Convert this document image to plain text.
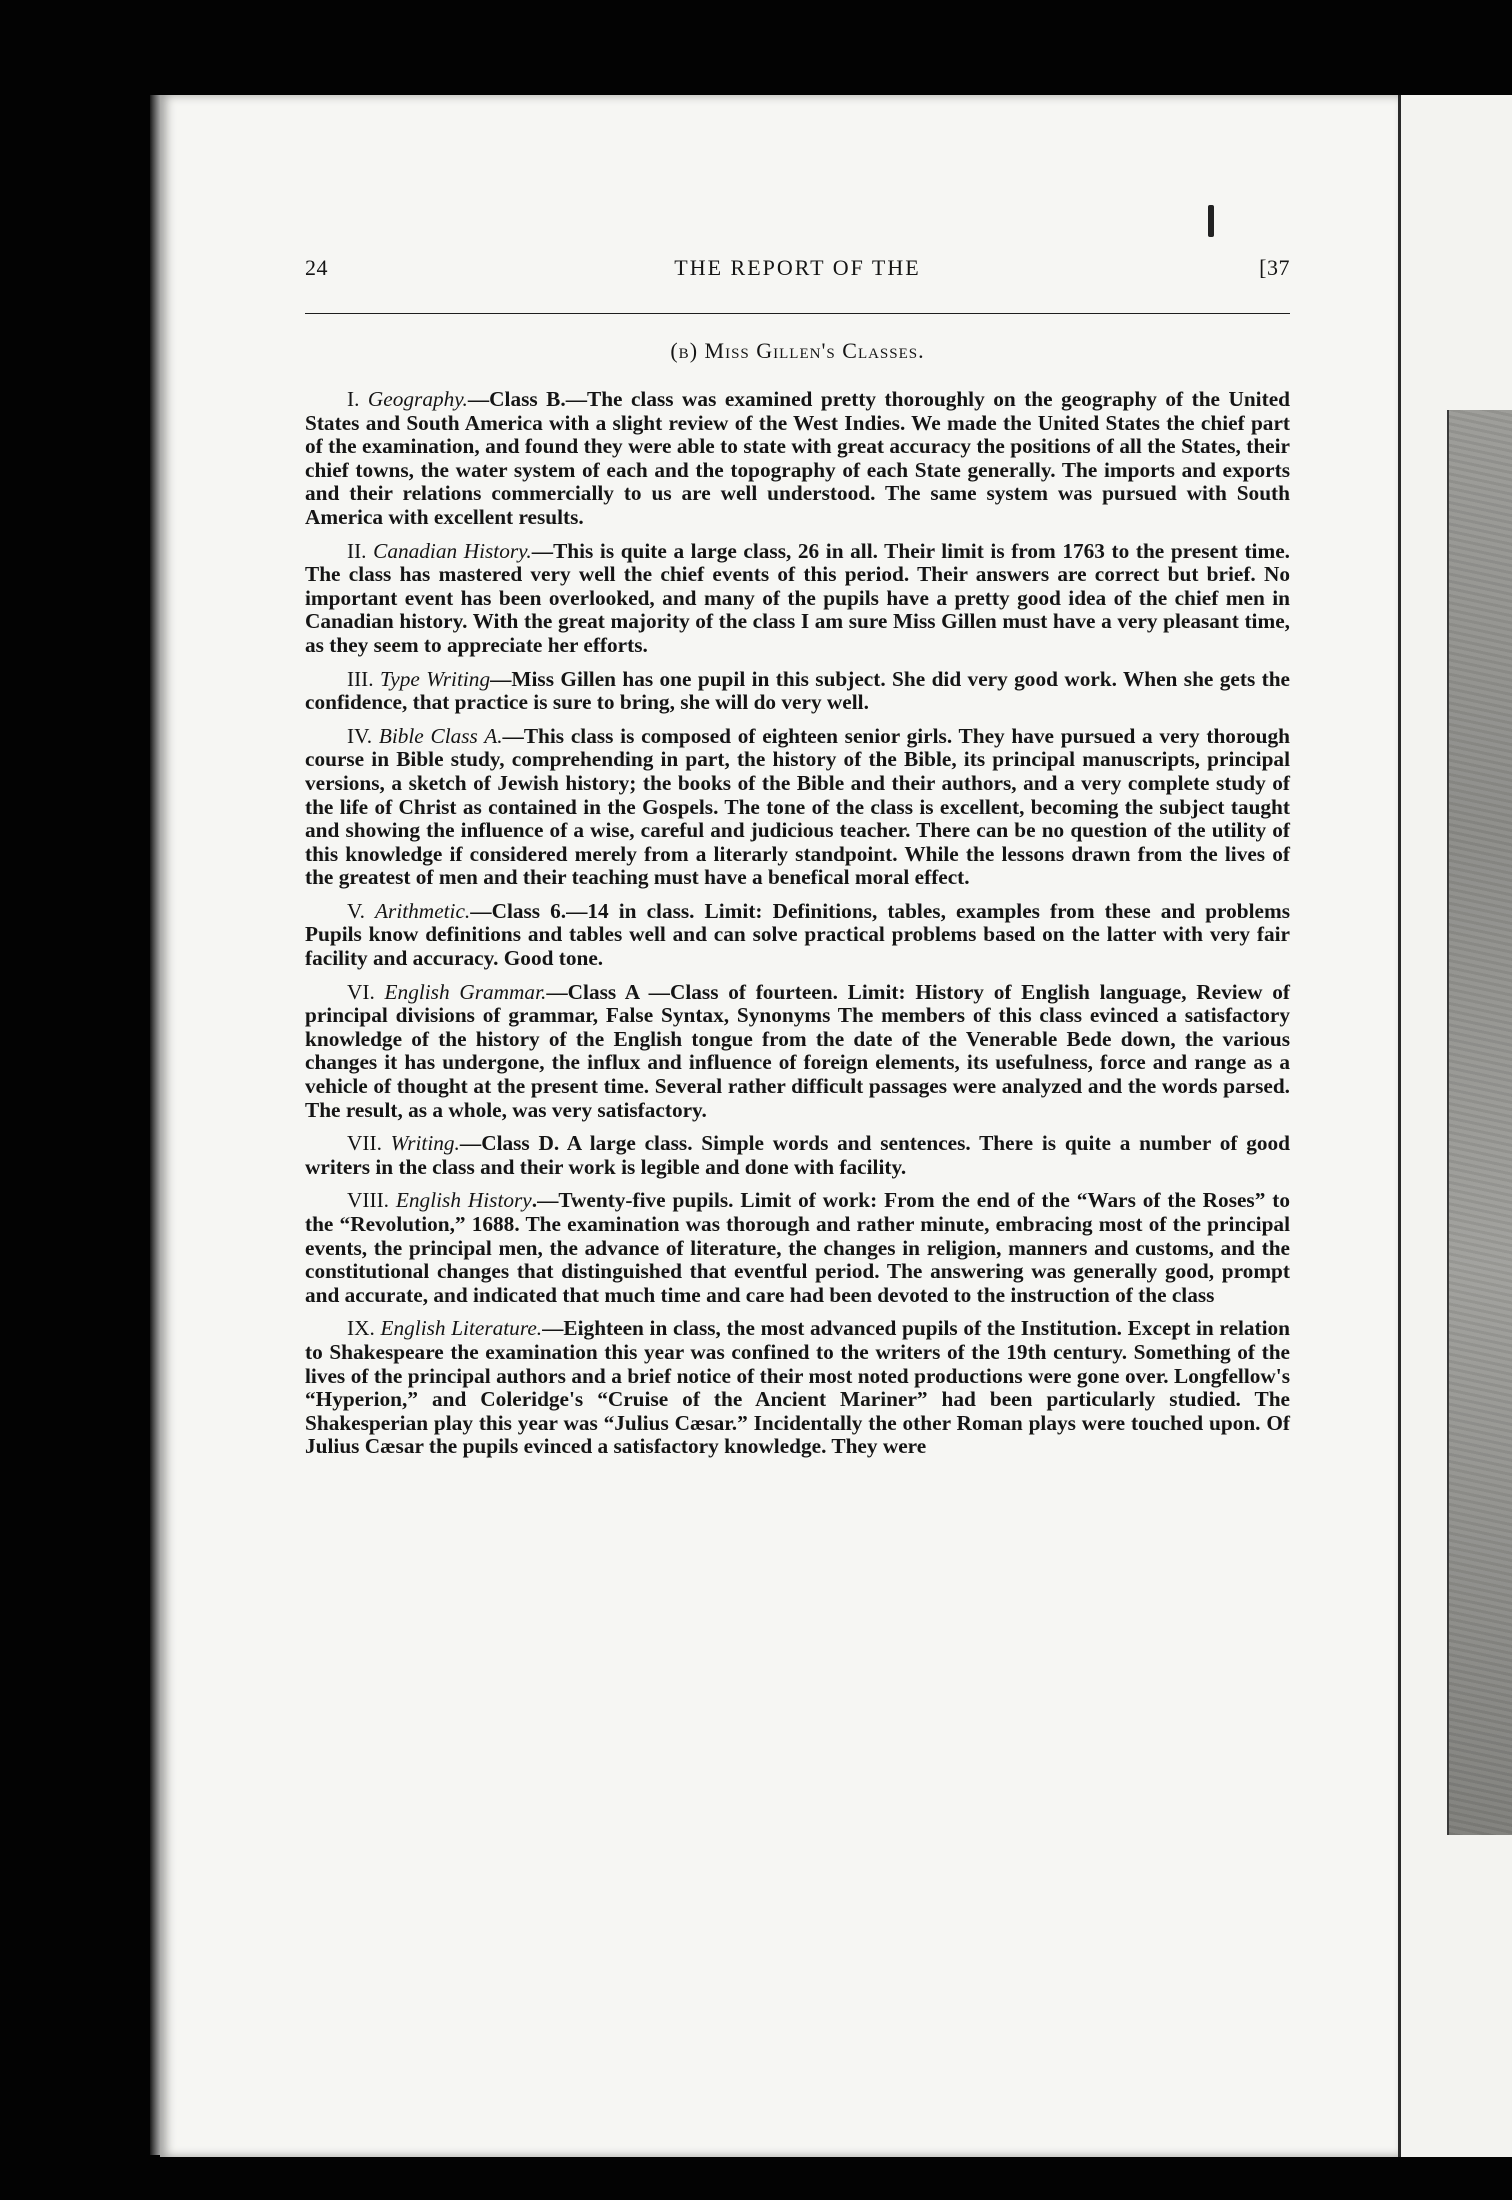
24	THE REPORT OF THE	[37
(b) Miss Gillen's Classes.

I. Geography.—Class B.—The class was examined pretty thoroughly on the geography of the United States and South America with a slight review of the West Indies. We made the United States the chief part of the examination, and found they were able to state with great accuracy the positions of all the States, their chief towns, the water system of each and the topography of each State generally. The imports and exports and their relations commercially to us are well understood. The same system was pursued with South America with excellent results.

II. Canadian History.—This is quite a large class, 26 in all. Their limit is from 1763 to the present time. The class has mastered very well the chief events of this period. Their answers are correct but brief. No important event has been overlooked, and many of the pupils have a pretty good idea of the chief men in Canadian history. With the great majority of the class I am sure Miss Gillen must have a very pleasant time, as they seem to appreciate her efforts.

III. Type Writing—Miss Gillen has one pupil in this subject. She did very good work. When she gets the confidence, that practice is sure to bring, she will do very well.

IV. Bible Class A.—This class is composed of eighteen senior girls. They have pursued a very thorough course in Bible study, comprehending in part, the history of the Bible, its principal manuscripts, principal versions, a sketch of Jewish history; the books of the Bible and their authors, and a very complete study of the life of Christ as contained in the Gospels. The tone of the class is excellent, becoming the subject taught and showing the influence of a wise, careful and judicious teacher. There can be no question of the utility of this knowledge if considered merely from a literarly standpoint. While the lessons drawn from the lives of the greatest of men and their teaching must have a benefical moral effect.

V. Arithmetic.—Class 6.—14 in class. Limit: Definitions, tables, examples from these and problems Pupils know definitions and tables well and can solve practical problems based on the latter with very fair facility and accuracy. Good tone.

VI. English Grammar.—Class A —Class of fourteen. Limit: History of English language, Review of principal divisions of grammar, False Syntax, Synonyms The members of this class evinced a satisfactory knowledge of the history of the English tongue from the date of the Venerable Bede down, the various changes it has undergone, the influx and influence of foreign elements, its usefulness, force and range as a vehicle of thought at the present time. Several rather difficult passages were analyzed and the words parsed. The result, as a whole, was very satisfactory.

VII. Writing.—Class D. A large class. Simple words and sentences. There is quite a number of good writers in the class and their work is legible and done with facility.

VIII. English History.—Twenty-five pupils. Limit of work: From the end of the “Wars of the Roses” to the “Revolution,” 1688. The examination was thorough and rather minute, embracing most of the principal events, the principal men, the advance of literature, the changes in religion, manners and customs, and the constitutional changes that distinguished that eventful period. The answering was generally good, prompt and accurate, and indicated that much time and care had been devoted to the instruction of the class

IX. English Literature.—Eighteen in class, the most advanced pupils of the Institution. Except in relation to Shakespeare the examination this year was confined to the writers of the 19th century. Something of the lives of the principal authors and a brief notice of their most noted productions were gone over. Longfellow's “Hyperion,” and Coleridge's “Cruise of the Ancient Mariner” had been particularly studied. The Shakesperian play this year was “Julius Cæsar.” Incidentally the other Roman plays were touched upon. Of Julius Cæsar the pupils evinced a satisfactory knowledge. They were
